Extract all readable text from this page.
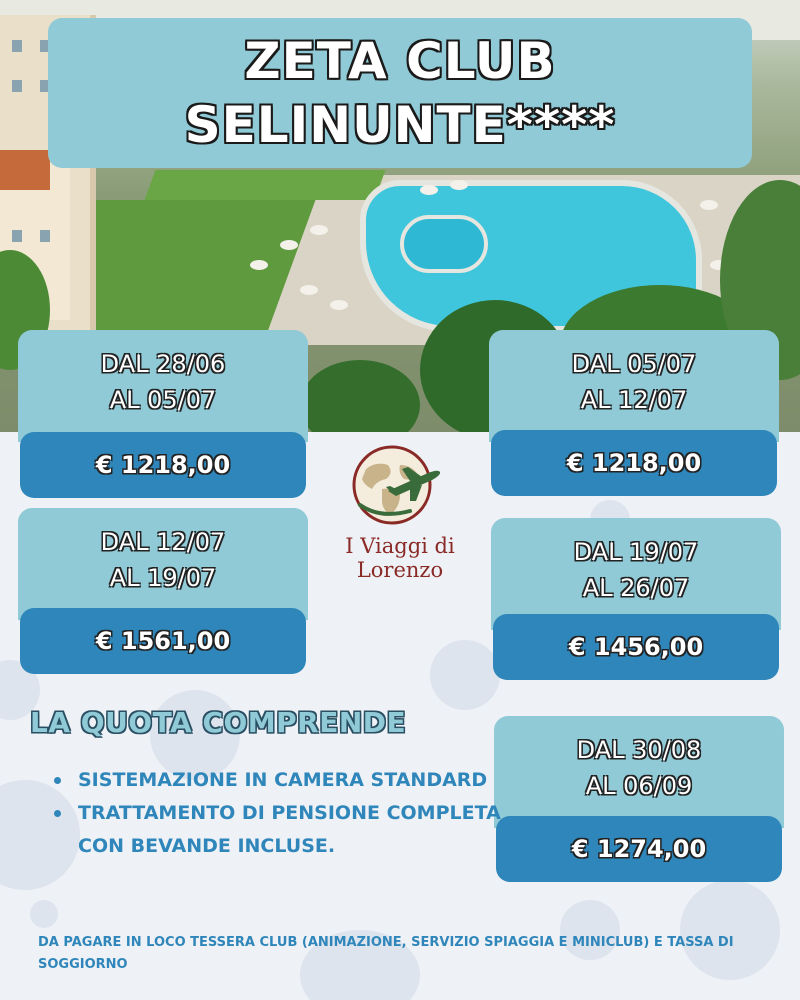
ZETA CLUB
SELINUNTE****
DAL 28/06
AL 05/07
€ 1218,00
DAL 05/07
AL 12/07
€ 1218,00
DAL 12/07
AL 19/07
€ 1561,00
DAL 19/07
AL 26/07
€ 1456,00
DAL 30/08
AL 06/09
€ 1274,00
I Viaggi di
Lorenzo
LA QUOTA COMPRENDE
SISTEMAZIONE IN CAMERA STANDARD
TRATTAMENTO DI PENSIONE COMPLETA CON BEVANDE INCLUSE.
DA PAGARE IN LOCO TESSERA CLUB (ANIMAZIONE, SERVIZIO SPIAGGIA E MINICLUB) E TASSA DI SOGGIORNO
